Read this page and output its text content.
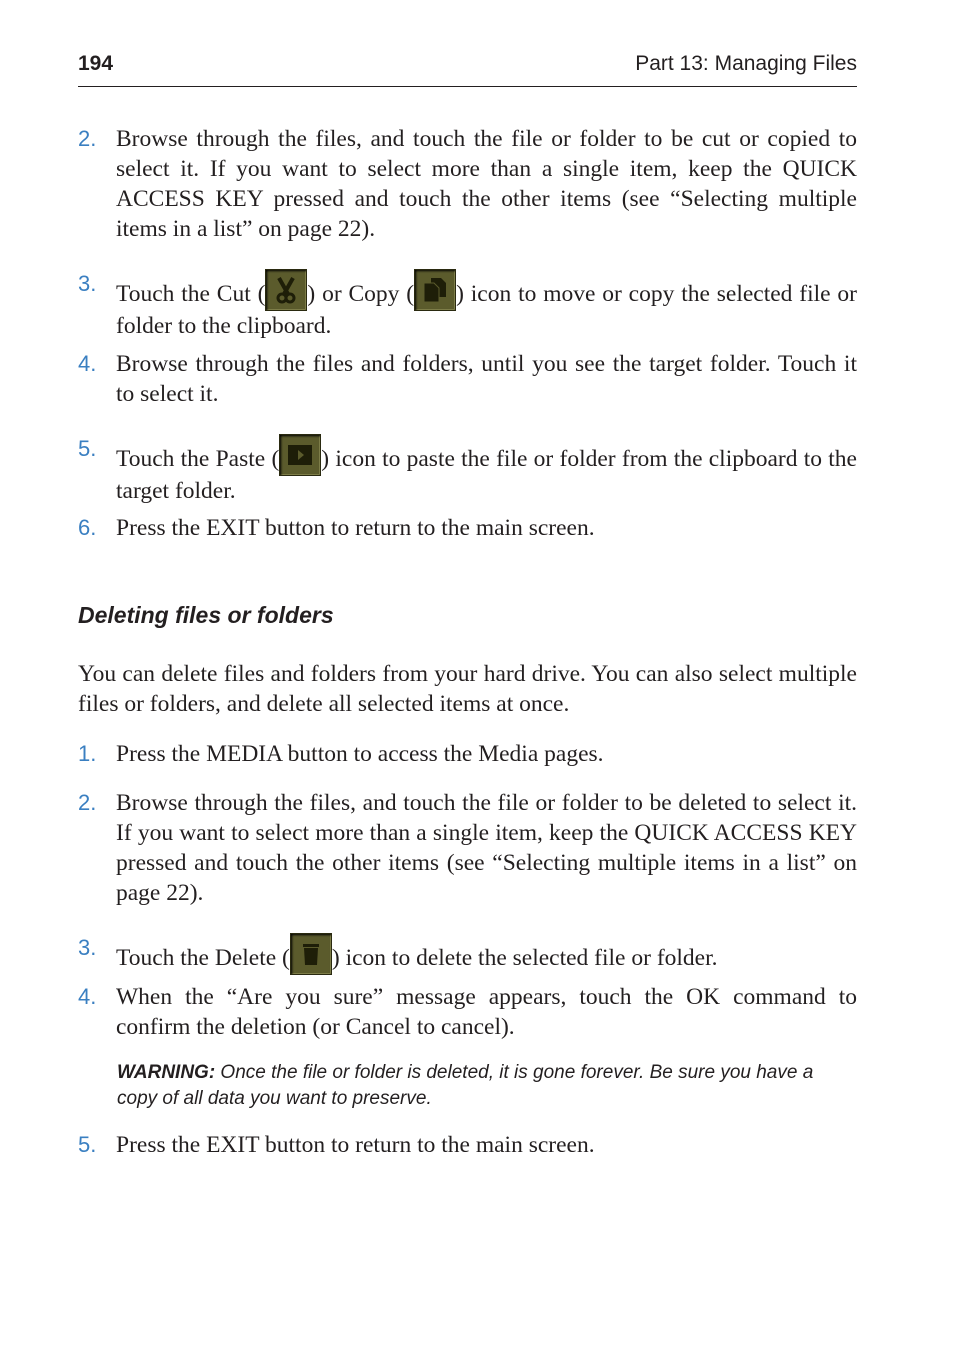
194	Part 13: Managing Files
2. Browse through the files, and touch the file or folder to be cut or copied to select it. If you want to select more than a single item, keep the QUICK ACCESS KEY pressed and touch the other items (see “Selecting multiple items in a list” on page 22).
3. Touch the Cut ( ) or Copy ( ) icon to move or copy the selected file or folder to the clipboard.
4. Browse through the files and folders, until you see the target folder. Touch it to select it.
5. Touch the Paste ( ) icon to paste the file or folder from the clipboard to the target folder.
6. Press the EXIT button to return to the main screen.
Deleting files or folders
You can delete files and folders from your hard drive. You can also select multiple files or folders, and delete all selected items at once.
1. Press the MEDIA button to access the Media pages.
2. Browse through the files, and touch the file or folder to be deleted to select it. If you want to select more than a single item, keep the QUICK ACCESS KEY pressed and touch the other items (see “Selecting multiple items in a list” on page 22).
3. Touch the Delete ( ) icon to delete the selected file or folder.
4. When the “Are you sure” message appears, touch the OK command to confirm the deletion (or Cancel to cancel).
WARNING: Once the file or folder is deleted, it is gone forever. Be sure you have a copy of all data you want to preserve.
5. Press the EXIT button to return to the main screen.
